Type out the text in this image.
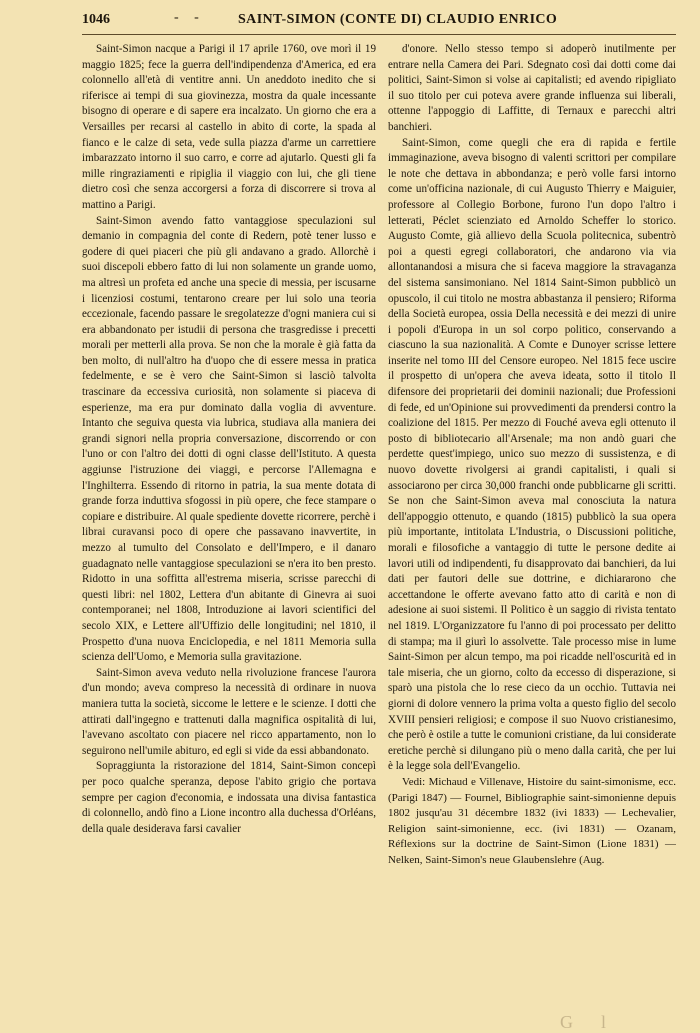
1046	- - SAINT-SIMON (CONTE DI) CLAUDIO ENRICO

Saint-Simon nacque a Parigi il 17 aprile 1760, ove morì il 19 maggio 1825; fece la guerra dell'indipendenza d'America, ed era colonnello all'età di ventitre anni. Un aneddoto inedito che si riferisce ai tempi di sua giovinezza, mostra da quale incessante bisogno di operare e di sapere era incalzato. Un giorno che era a Versailles per recarsi al castello in abito di corte, la spada al fianco e le calze di seta, vede sulla piazza d'arme un carrettiere imbarazzato intorno il suo carro, e corre ad ajutarlo. Questi gli fa mille ringraziamenti e ripiglia il viaggio con lui, che gli tiene dietro così che senza accorgersi a forza di discorrere si trova al mattino a Parigi.

Saint-Simon avendo fatto vantaggiose speculazioni sul demanio in compagnia del conte di Redern, potè tener lusso e godere di quei piaceri che più gli andavano a grado. Allorchè i suoi discepoli ebbero fatto di lui non solamente un grande uomo, ma altresì un profeta ed anche una specie di messia, per iscusarne i licenziosi costumi, tentarono creare per lui solo una teoria eccezionale, facendo passare le sregolatezze d'ogni maniera cui si era abbandonato per istudii di persona che trasgredisse i precetti morali per metterli alla prova. Se non che la morale è già fatta da ben molto, di null'altro ha d'uopo che di essere messa in pratica fedelmente, e se è vero che Saint-Simon si lasciò talvolta trascinare da eccessiva curiosità, non solamente si piaceva di esperienze, ma era pur dominato dalla voglia di avventure. Intanto che seguiva questa via lubrica, studiava alla maniera dei grandi signori nella propria conversazione, discorrendo or con l'uno or con l'altro dei dotti di ogni classe dell'Istituto. A questa aggiunse l'istruzione dei viaggi, e percorse l'Allemagna e l'Inghilterra. Essendo di ritorno in patria, la sua mente dotata di grande forza induttiva sfogossi in più opere, che fece stampare o copiare e distribuire. Al quale spediente dovette ricorrere, perchè i librai curavansi poco di opere che passavano inavvertite, in mezzo al tumulto del Consolato e dell'Impero, e il danaro guadagnato nelle vantaggiose speculazioni se n'era ito ben presto. Ridotto in una soffitta all'estrema miseria, scrisse parecchi di questi libri: nel 1802, Lettera d'un abitante di Ginevra ai suoi contemporanei; nel 1808, Introduzione ai lavori scientifici del secolo XIX, e Lettere all'Uffizio delle longitudini; nel 1810, il Prospetto d'una nuova Enciclopedia, e nel 1811 Memoria sulla scienza dell'Uomo, e Memoria sulla gravitazione.

Saint-Simon aveva veduto nella rivoluzione francese l'aurora d'un mondo; aveva compreso la necessità di ordinare in nuova maniera tutta la società, siccome le lettere e le scienze. I dotti che attirati dall'ingegno e trattenuti dalla magnifica ospitalità di lui, l'avevano ascoltato con piacere nel ricco appartamento, non lo seguirono nell'umile abituro, ed egli si vide da essi abbandonato.

Sopraggiunta la ristorazione del 1814, Saint-Simon concepì per poco qualche speranza, depose l'abito grigio che portava sempre per cagion d'economia, e indossata una divisa fantastica di colonnello, andò fino a Lione incontro alla duchessa d'Orléans, della quale desiderava farsi cavalier

d'onore. Nello stesso tempo si adoperò inutilmente per entrare nella Camera dei Pari. Sdegnato così dai dotti come dai politici, Saint-Simon si volse ai capitalisti; ed avendo ripigliato il suo titolo per cui poteva avere grande influenza sui liberali, ottenne l'appoggio di Laffitte, di Ternaux e parecchi altri banchieri.

Saint-Simon, come quegli che era di rapida e fertile immaginazione, aveva bisogno di valenti scrittori per compilare le note che dettava in abbondanza; e però volle farsi intorno come un'officina nazionale, di cui Augusto Thierry e Maiguier, professore al Collegio Borbone, furono l'un dopo l'altro i letterati, Péclet scienziato ed Arnoldo Scheffer lo storico. Augusto Comte, già allievo della Scuola politecnica, subentrò poi a questi egregi collaboratori, che andarono via via allontanandosi a misura che si faceva maggiore la stravaganza del sistema sansimoniano. Nel 1814 Saint-Simon pubblicò un opuscolo, il cui titolo ne mostra abbastanza il pensiero; Riforma della Società europea, ossia Della necessità e dei mezzi di unire i popoli d'Europa in un sol corpo politico, conservando a ciascuno la sua nazionalità. A Comte e Dunoyer scrisse lettere inserite nel tomo III del Censore europeo. Nel 1815 fece uscire il prospetto di un'opera che aveva ideata, sotto il titolo Il difensore dei proprietarii dei dominii nazionali; due Professioni di fede, ed un'Opinione sui provvedimenti da prendersi contro la coalizione del 1815. Per mezzo di Fouché aveva egli ottenuto il posto di bibliotecario all'Arsenale; ma non andò guari che perdette quest'impiego, unico suo mezzo di sussistenza, e di nuovo dovette rivolgersi ai grandi capitalisti, i quali si associarono per circa 30,000 franchi onde pubblicarne gli scritti. Se non che Saint-Simon aveva mal conosciuta la natura dell'appoggio ottenuto, e quando (1815) pubblicò la sua opera più importante, intitolata L'Industria, o Discussioni politiche, morali e filosofiche a vantaggio di tutte le persone dedite ai lavori utili od indipendenti, fu disapprovato dai banchieri, da lui dati per fautori delle sue dottrine, e dichiararono che accettandone le offerte avevano fatto atto di carità e non di adesione ai suoi sistemi. Il Politico è un saggio di rivista tentato nel 1819. L'Organizzatore fu l'anno di poi processato per delitto di stampa; ma il giurì lo assolvette. Tale processo mise in lume Saint-Simon per alcun tempo, ma poi ricadde nell'oscurità ed in tale miseria, che un giorno, colto da eccesso di disperazione, si sparò una pistola che lo rese cieco da un occhio. Tuttavia nei giorni di dolore vennero la prima volta a questo figlio del secolo XVIII pensieri religiosi; e compose il suo Nuovo cristianesimo, che però è ostile a tutte le comunioni cristiane, da lui considerate eretiche perchè si dilungano più o meno dalla carità, che per lui è la legge sola dell'Evangelio.

Vedi: Michaud e Villenave, Histoire du saint-simonisme, ecc. (Parigi 1847) — Fournel, Bibliographie saint-simonienne depuis 1802 jusqu'au 31 décembre 1832 (ivi 1833) — Lechevalier, Religion saint-simonienne, ecc. (ivi 1831) — Ozanam, Réflexions sur la doctrine de Saint-Simon (Lione 1831) — Nelken, Saint-Simon's neue Glaubenslehre (Aug.

G    l
